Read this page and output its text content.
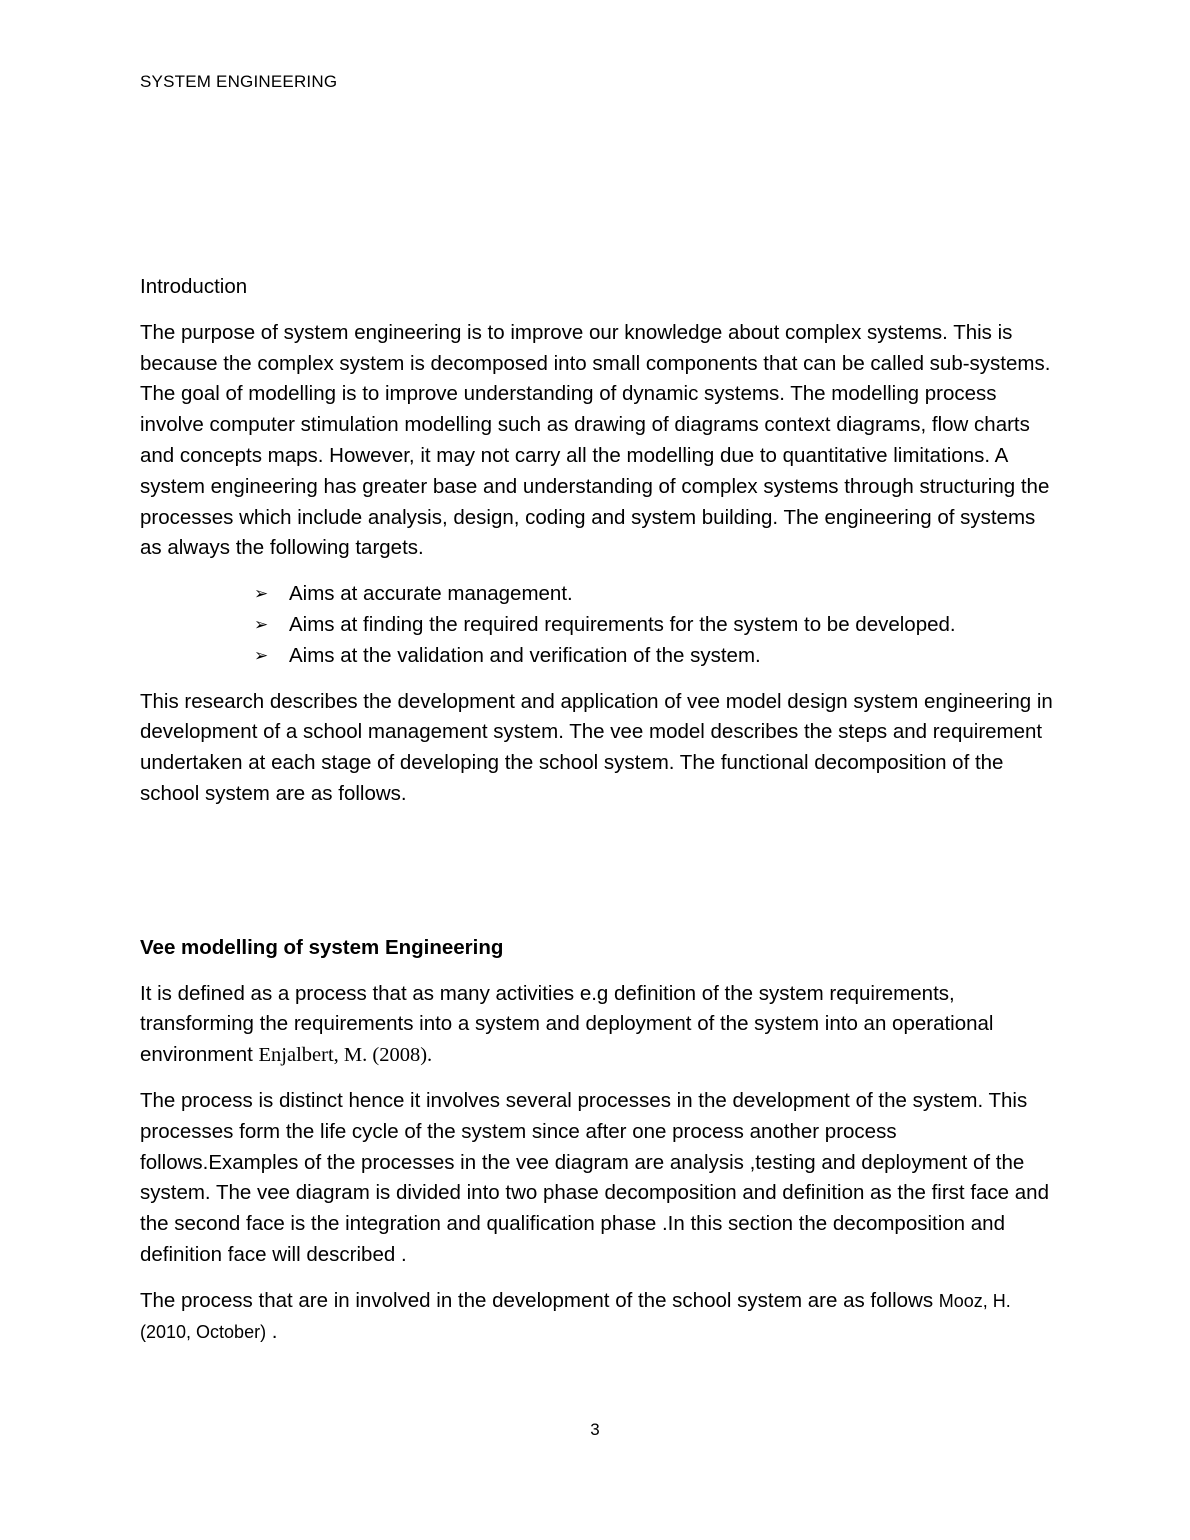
SYSTEM ENGINEERING

Introduction

The purpose of system engineering is to improve our knowledge about complex systems. This is because the complex system is decomposed into small components that can be called sub-systems. The goal of modelling is to improve understanding of dynamic systems. The modelling process involve computer stimulation modelling such as drawing of diagrams context diagrams, flow charts and concepts maps. However, it may not carry all the modelling due to quantitative limitations. A system engineering has greater base and understanding of complex systems through structuring the processes which include analysis, design, coding and system building. The engineering of systems as always the following targets.

➢ Aims at accurate management.
➢ Aims at finding the required requirements for the system to be developed.
➢ Aims at the validation and verification of the system.

This research describes the development and application of vee model design system engineering in development of a school management system. The vee model describes the steps and requirement undertaken at each stage of developing the school system. The functional decomposition of the school system are as follows.

Vee modelling of system Engineering

It is defined as a process that as many activities e.g definition of the system requirements, transforming the requirements into a system and deployment of the system into an operational environment Enjalbert, M. (2008).

The process is distinct hence it involves several processes in the development of the system. This processes form the life cycle of the system since after one process another process follows.Examples of the processes in the vee diagram are analysis ,testing and deployment of the system. The vee diagram is divided into two phase decomposition and definition as the first face and the second face is the integration and qualification phase .In this section the decomposition and definition face will described .

The process that are in involved in the development of the school system are as follows Mooz, H. (2010, October) .

3
